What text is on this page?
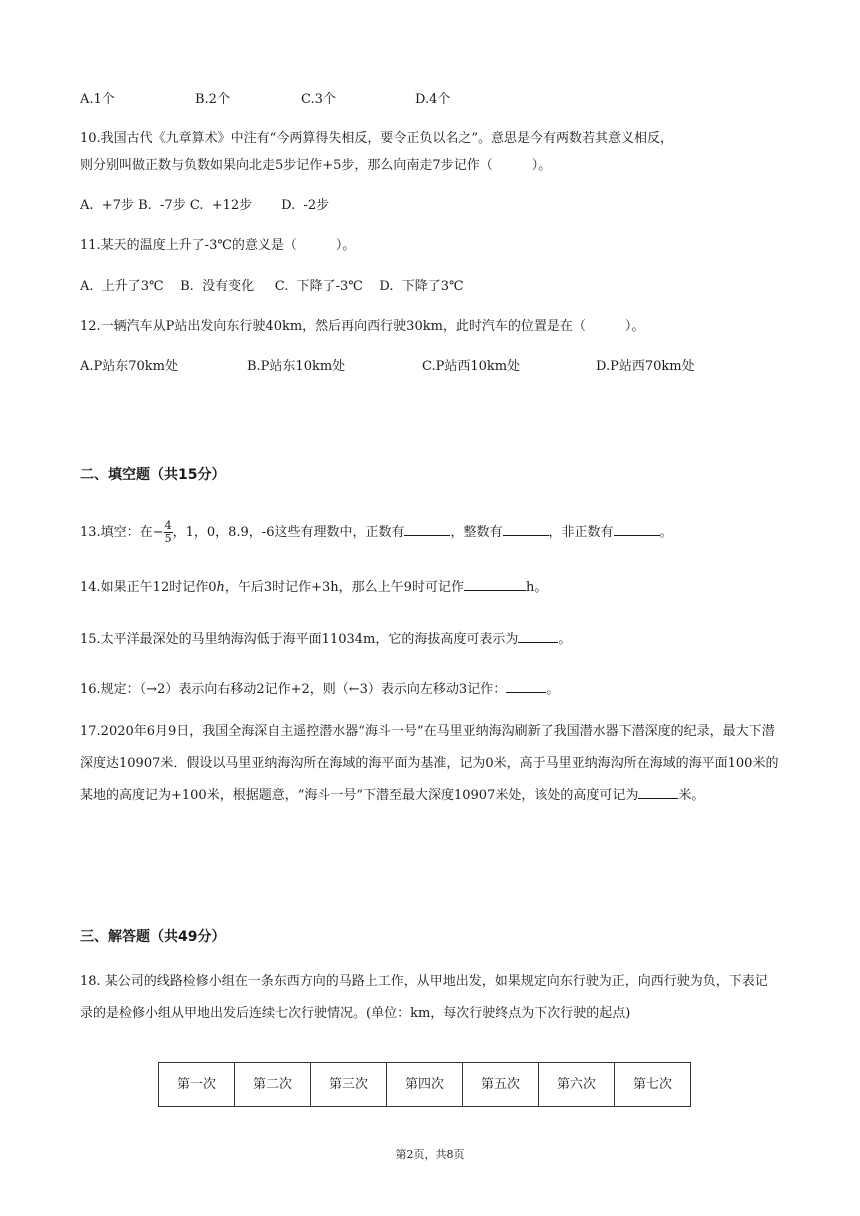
A.1个	B.2个	C.3个	D.4个
10.我国古代《九章算术》中注有“今两算得失相反，要令正负以名之”。意思是今有两数若其意义相反，
则分别叫做正数与负数如果向北走5步记作+5步，那么向南走7步记作（　　　）。
A.  +7步 B.  -7步 C.  +12步       D.  -2步
11.某天的温度上升了-3℃的意义是（　　　）。
A.  上升了3℃    B.  没有变化     C.  下降了-3℃    D.  下降了3℃
12.一辆汽车从P站出发向东行驶40km，然后再向西行驶30km，此时汽车的位置是在（　　　）。
A.P站东70km处	B.P站东10km处	C.P站西10km处	D.P站西70km处
二、填空题（共15分）
13.填空：在− $\frac{4}{5}$ ，1，0，8.9，-6这些有理数中，正数有	，整数有	，非正数有	。
14.如果正午12时记作0h，午后3时记作+3h，那么上午9时可记作	h。
15.太平洋最深处的马里纳海沟低于海平面11034m，它的海拔高度可表示为	。
16.规定：（→2）表示向右移动2记作+2，则（←3）表示向左移动3记作：	。
17.2020年6月9日，我国全海深自主遥控潜水器“海斗一号”在马里亚纳海沟刷新了我国潜水器下潜深度的纪录，最大下潜深度达10907米．假设以马里亚纳海沟所在海域的海平面为基准，记为0米，高于马里亚纳海沟所在海域的海平面100米的某地的高度记为+100米，根据题意，“海斗一号”下潜至最大深度10907米处，该处的高度可记为	米。
三、解答题（共49分）
18. 某公司的线路检修小组在一条东西方向的马路上工作，从甲地出发，如果规定向东行驶为正，向西行驶为负，下表记录的是检修小组从甲地出发后连续七次行驶情况。(单位：km，每次行驶终点为下次行驶的起点)
第一次	第二次	第三次	第四次	第五次	第六次	第七次
第2页，共8页
